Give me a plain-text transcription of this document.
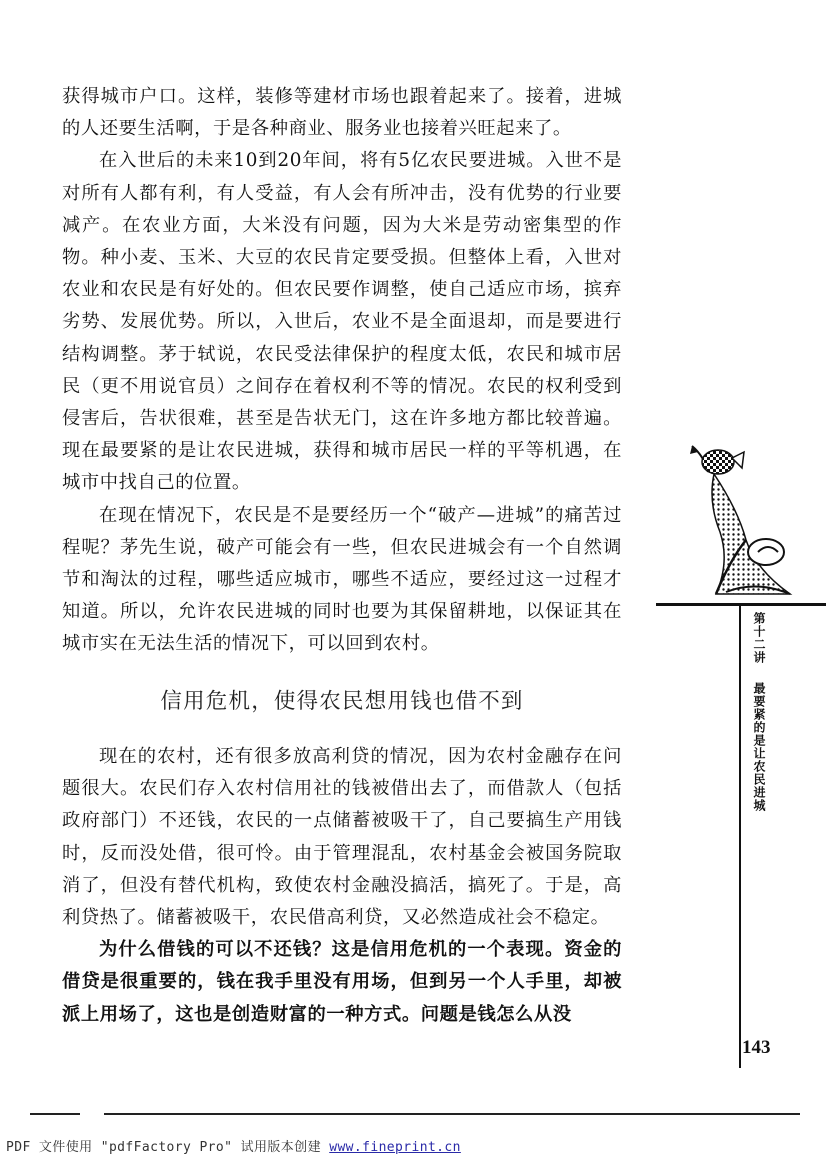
获得城市户口。这样，装修等建材市场也跟着起来了。接着，进城的人还要生活啊，于是各种商业、服务业也接着兴旺起来了。

在入世后的未来10到20年间，将有5亿农民要进城。入世不是对所有人都有利，有人受益，有人会有所冲击，没有优势的行业要减产。在农业方面，大米没有问题，因为大米是劳动密集型的作物。种小麦、玉米、大豆的农民肯定要受损。但整体上看，入世对农业和农民是有好处的。但农民要作调整，使自己适应市场，摈弃劣势、发展优势。所以，入世后，农业不是全面退却，而是要进行结构调整。茅于轼说，农民受法律保护的程度太低，农民和城市居民（更不用说官员）之间存在着权利不等的情况。农民的权利受到侵害后，告状很难，甚至是告状无门，这在许多地方都比较普遍。现在最要紧的是让农民进城，获得和城市居民一样的平等机遇，在城市中找自己的位置。

在现在情况下，农民是不是要经历一个“破产—进城”的痛苦过程呢？茅先生说，破产可能会有一些，但农民进城会有一个自然调节和淘汰的过程，哪些适应城市，哪些不适应，要经过这一过程才知道。所以，允许农民进城的同时也要为其保留耕地，以保证其在城市实在无法生活的情况下，可以回到农村。

信用危机，使得农民想用钱也借不到

现在的农村，还有很多放高利贷的情况，因为农村金融存在问题很大。农民们存入农村信用社的钱被借出去了，而借款人（包括政府部门）不还钱，农民的一点储蓄被吸干了，自己要搞生产用钱时，反而没处借，很可怜。由于管理混乱，农村基金会被国务院取消了，但没有替代机构，致使农村金融没搞活，搞死了。于是，高利贷热了。储蓄被吸干，农民借高利贷，又必然造成社会不稳定。

为什么借钱的可以不还钱？这是信用危机的一个表现。资金的借贷是很重要的，钱在我手里没有用场，但到另一个人手里，却被派上用场了，这也是创造财富的一种方式。问题是钱怎么从没

第十二讲最要紧的是让农民进城
143
PDF 文件使用 "pdfFactory Pro" 试用版本创建 www.fineprint.cn
